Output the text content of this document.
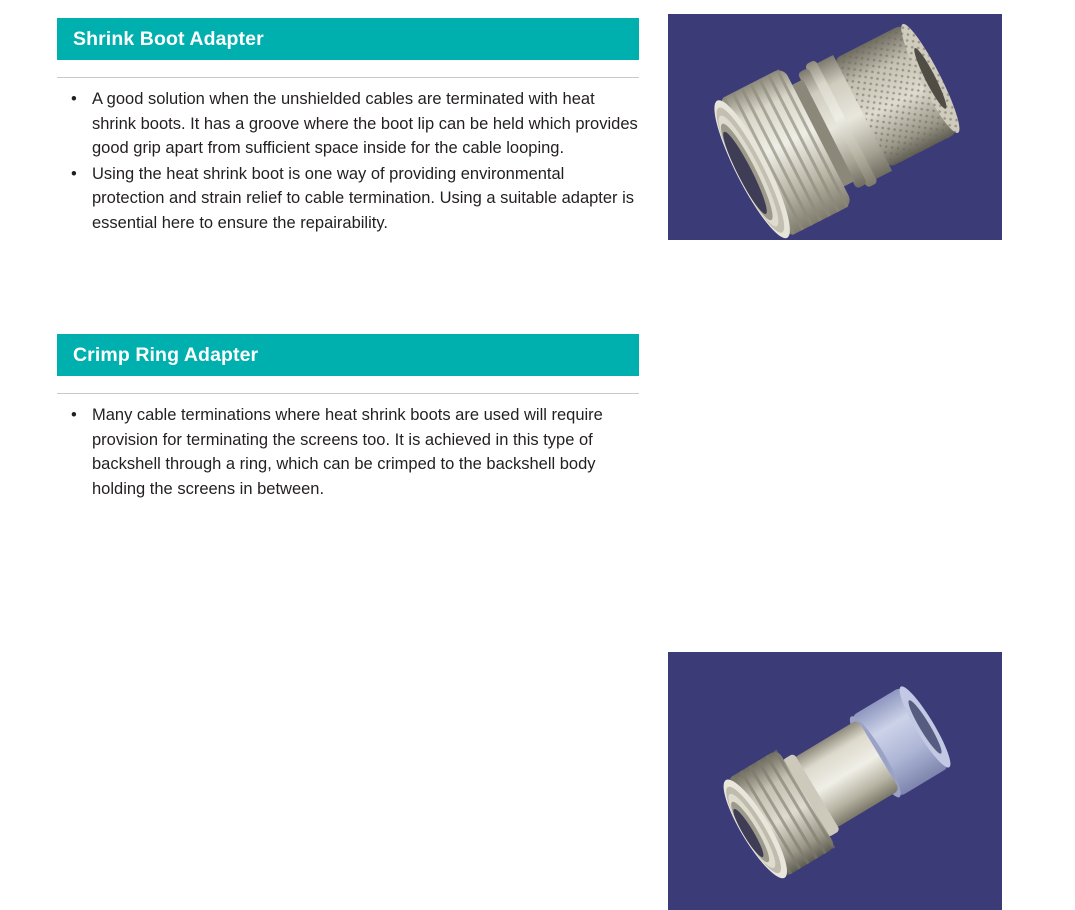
Shrink Boot Adapter
• A good solution when the unshielded cables are terminated with heat shrink boots. It has a groove where the boot lip can be held which provides good grip apart from sufficient space inside for the cable looping.
• Using the heat shrink boot is one way of providing environmental protection and strain relief to cable termination. Using a suitable adapter is essential here to ensure the repairability.
Crimp Ring Adapter
• Many cable terminations where heat shrink boots are used will require provision for terminating the screens too. It is achieved in this type of backshell through a ring, which can be crimped to the backshell body holding the screens in between.
